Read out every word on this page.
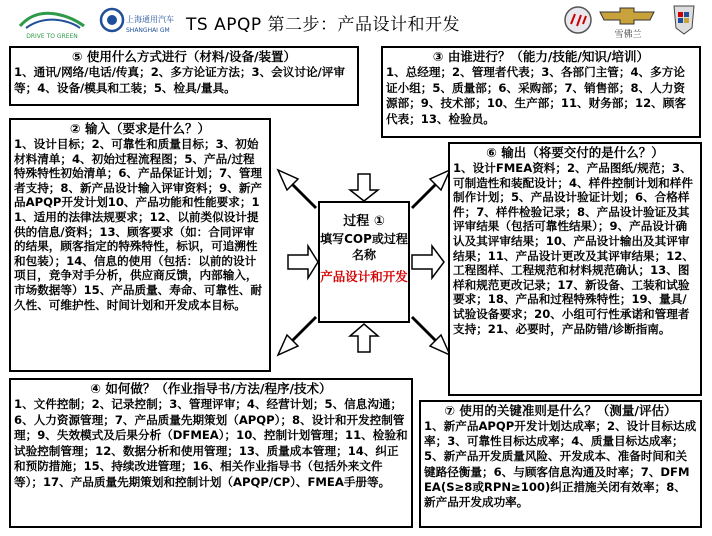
DRIVE TO GREEN
上海通用汽车
SHANGHAI GM TS APQP 第二步：产品设计和开发	雪佛兰
⑤ 使用什么方式进行（材料/设备/装置）
1、通讯/网络/电话/传真；2、多方论证方法；3、会议讨论/评审等；4、设备/模具和工装；5、检具/量具。
③ 由谁进行？（能力/技能/知识/培训）
1、总经理；2、管理者代表；3、各部门主管；4、多方论证小组；5、质量部；6、采购部；7、销售部；8、人力资源部；9、技术部；10、生产部；11、财务部；12、顾客代表；13、检验员。
② 输入（要求是什么？）
1、设计目标；2、可靠性和质量目标；3、初始材料清单；4、初始过程流程图；5、产品/过程特殊特性初始清单；6、产品保证计划；7、管理者支持；8、新产品设计输入评审资料；9、新产品APQP开发计划10、产品功能和性能要求；11、适用的法律法规要求；12、以前类似设计提供的信息/资料；13、顾客要求（如：合同评审的结果，顾客指定的特殊特性，标识，可追溯性和包装）；14、信息的使用（包括：以前的设计项目，竞争对手分析，供应商反馈，内部输入，市场数据等）15、产品质量、寿命、可靠性、耐久性、可维护性、时间计划和开发成本目标。
⑥ 输出（将要交付的是什么？）
1、设计FMEA资料；2、产品图纸/规范；3、可制造性和装配设计；4、样件控制计划和样件制作计划；5、产品设计验证计划；6、合格样件；7、样件检验记录；8、产品设计验证及其评审结果（包括可靠性结果）；9、产品设计确认及其评审结果；10、产品设计输出及其评审结果；11、产品设计更改及其评审结果；12、工程图样、工程规范和材料规范确认；13、图样和规范更改记录；17、新设备、工装和试验要求；18、产品和过程特殊特性；19、量具/试验设备要求；20、小组可行性承诺和管理者支持；21、必要时，产品防错/诊断指南。
过程 ①
填写COP或过程名称
产品设计和开发
④ 如何做？（作业指导书/方法/程序/技术）
1、文件控制；2、记录控制；3、管理评审；4、经营计划；5、信息沟通；6、人力资源管理；7、产品质量先期策划（APQP）；8、设计和开发控制管理；9、失效模式及后果分析（DFMEA）；10、控制计划管理；11、检验和试验控制管理；12、数据分析和使用管理；13、质量成本管理；14、纠正和预防措施；15、持续改进管理；16、相关作业指导书（包括外来文件等）；17、产品质量先期策划和控制计划（APQP/CP）、FMEA手册等。
⑦ 使用的关键准则是什么？（测量/评估）
1、新产品APQP开发计划达成率；2、设计目标达成率；3、可靠性目标达成率；4、质量目标达成率；5、新产品开发质量风险、开发成本、准备时间和关键路径衡量；6、与顾客信息沟通及时率；7、DFMEA(S≥8或RPN≥100)纠正措施关闭有效率；8、新产品开发成功率。
